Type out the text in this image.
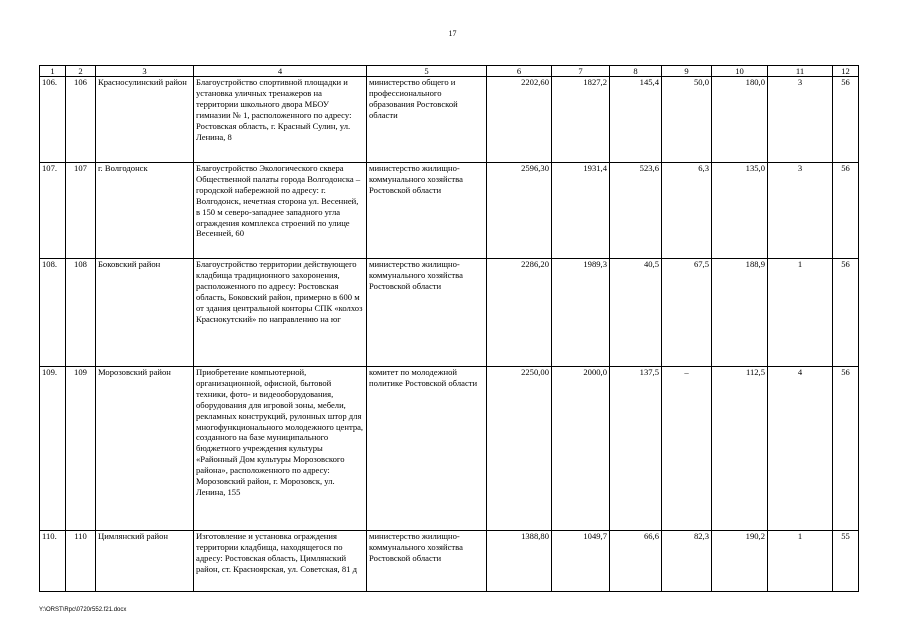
17
1	2	3	4	5	6	7	8	9	10	11	12
106.	106	Красносулинский район	Благоустройство спортивной площадки и установка уличных тренажеров на территории школьного двора МБОУ гимназии № 1, расположенного по адресу: Ростовская область, г. Красный Сулин, ул. Ленина, 8	министерство общего и профессионального образования Ростовской области	2202,60	1827,2	145,4	50,0	180,0	3	56
107.	107	г. Волгодонск	Благоустройство Экологического сквера Общественной палаты города Волгодонска – городской набережной по адресу: г. Волгодонск, нечетная сторона ул. Весенней, в 150 м северо-западнее западного угла ограждения комплекса строений по улице Весенней, 60	министерство жилищно-коммунального хозяйства Ростовской области	2596,30	1931,4	523,6	6,3	135,0	3	56
108.	108	Боковский район	Благоустройство территории действующего кладбища традиционного захоронения, расположенного по адресу: Ростовская область, Боковский район, примерно в 600 м от здания центральной конторы СПК «колхоз Краснокутский» по направлению на юг	министерство жилищно-коммунального хозяйства Ростовской области	2286,20	1989,3	40,5	67,5	188,9	1	56
109.	109	Морозовский район	Приобретение компьютерной, организационной, офисной, бытовой техники, фото- и видеооборудования, оборудования для игровой зоны, мебели, рекламных конструкций, рулонных штор для многофункционального молодежного центра, созданного на базе муниципального бюджетного учреждения культуры «Районный Дом культуры Морозовского района», расположенного по адресу: Морозовский район, г. Морозовск, ул. Ленина, 155	комитет по молодежной политике Ростовской области	2250,00	2000,0	137,5	–	112,5	4	56
110.	110	Цимлянский район	Изготовление и установка ограждения территории кладбища, находящегося по адресу: Ростовская область, Цимлянский район, ст. Красноярская, ул. Советская, 81 д	министерство жилищно-коммунального хозяйства Ростовской области	1388,80	1049,7	66,6	82,3	190,2	1	55
Y:\ORST\Rpc\0720r552.f21.docx
